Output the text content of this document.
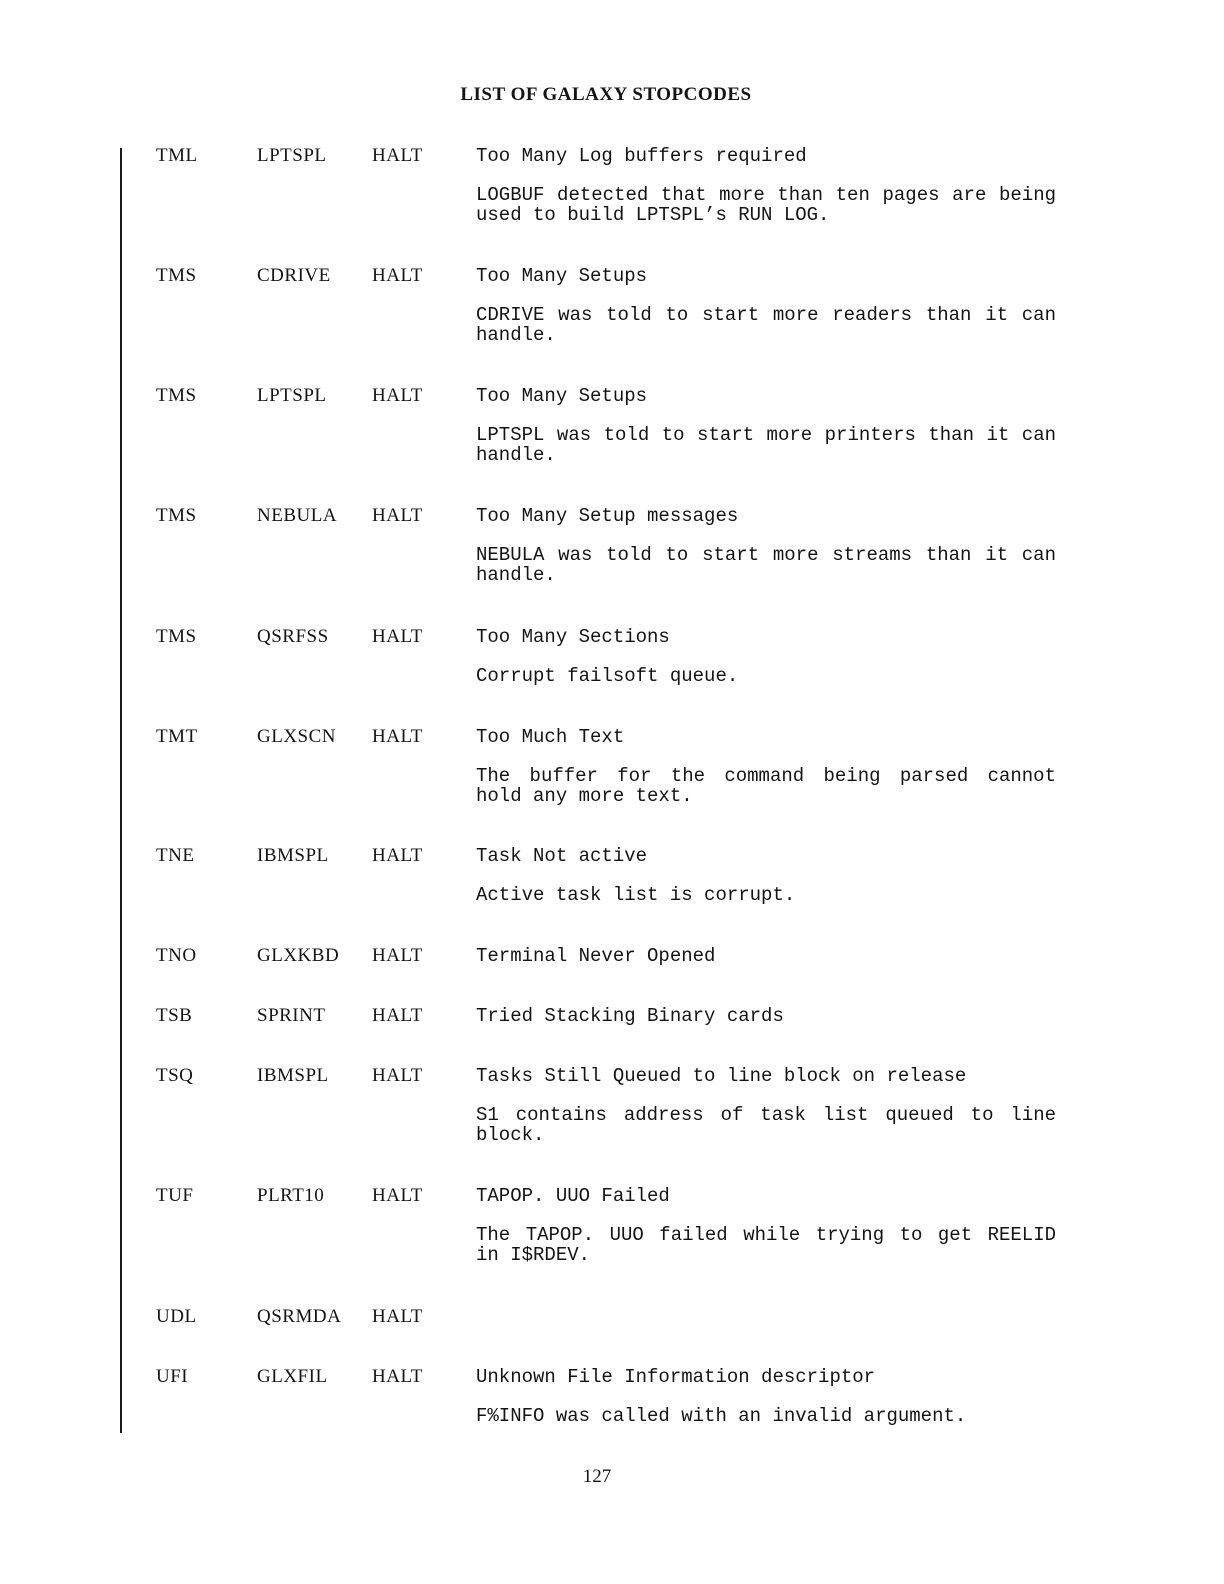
LIST OF GALAXY STOPCODES
TML	LPTSPL HALT	Too Many Log buffers required
LOGBUF detected that more than ten pages are being used to build LPTSPL’s RUN LOG.
TMS	CDRIVE HALT	Too Many Setups
CDRIVE was told to start more readers than it can handle.
TMS	LPTSPL HALT	Too Many Setups
LPTSPL was told to start more printers than it can handle.
TMS	NEBULA HALT	Too Many Setup messages
NEBULA was told to start more streams than it can handle.
TMS	QSRFSS HALT	Too Many Sections
Corrupt failsoft queue.
TMT	GLXSCN HALT	Too Much Text
The buffer for the command being parsed cannot hold any more text.
TNE	IBMSPL HALT	Task Not active
Active task list is corrupt.
TNO	GLXKBD HALT	Terminal Never Opened
TSB	SPRINT HALT	Tried Stacking Binary cards
TSQ	IBMSPL HALT	Tasks Still Queued to line block on release
S1 contains address of task list queued to line block.
TUF	PLRT10	HALT	TAPOP. UUO Failed
The TAPOP. UUO failed while trying to get REELID in I$RDEV.
UDL	QSRMDA HALT
UFI	GLXFIL HALT	Unknown File Information descriptor
F%INFO was called with an invalid argument.
127
